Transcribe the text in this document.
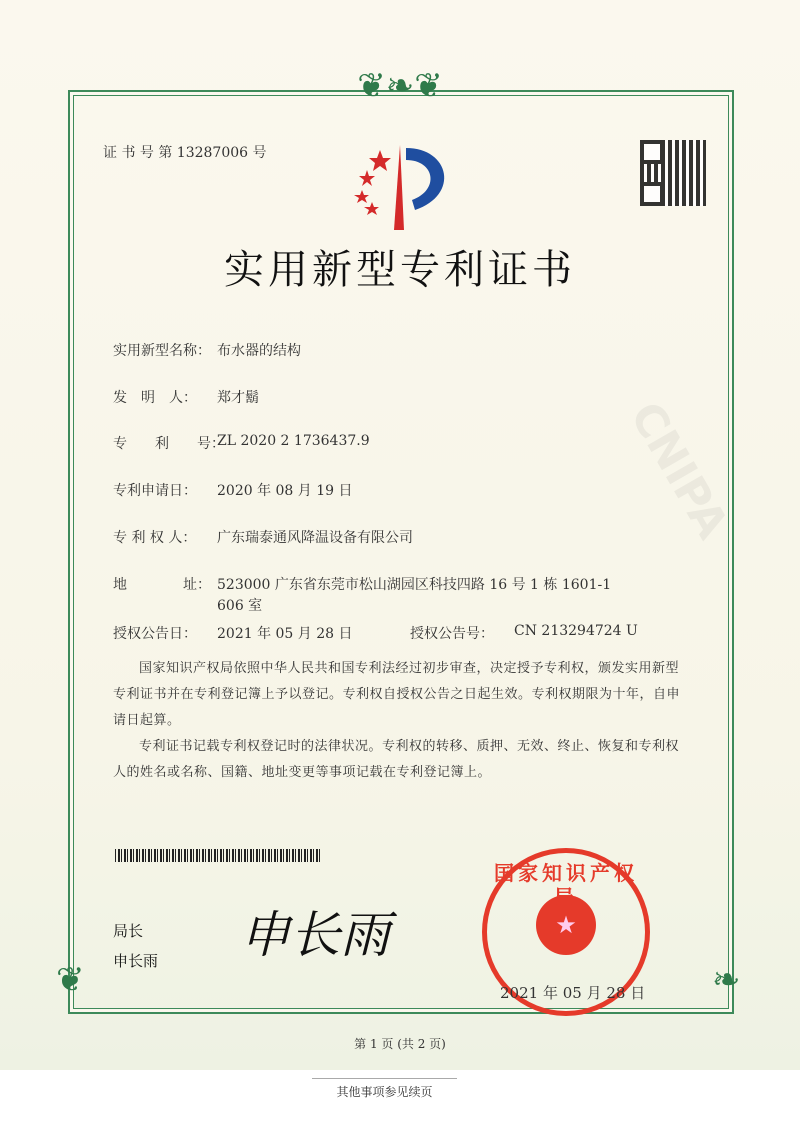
CNIPA
❦❧❦
❦	❧
证 书 号 第 13287006 号
实用新型专利证书
实用新型名称： 布水器的结构
发　明　人： 郑才鬍
专　　利　　号：ZL 2020 2 1736437.9
专利申请日： 2020 年 08 月 19 日
专 利 权 人： 广东瑞泰通风降温设备有限公司
地　　　　址： 523000 广东省东莞市松山湖园区科技四路 16 号 1 栋 1601-1
606 室
授权公告日： 2021 年 05 月 28 日	授权公告号： CN 213294724 U
国家知识产权局依照中华人民共和国专利法经过初步审查，决定授予专利权，颁发实用新型专利证书并在专利登记簿上予以登记。专利权自授权公告之日起生效。专利权期限为十年，自申请日起算。
专利证书记载专利权登记时的法律状况。专利权的转移、质押、无效、终止、恢复和专利权人的姓名或名称、国籍、地址变更等事项记载在专利登记簿上。
局长
申长雨 申长雨
国家知识产权局
★
2021 年 05 月 28 日
第 1 页 (共 2 页)
其他事项参见续页
